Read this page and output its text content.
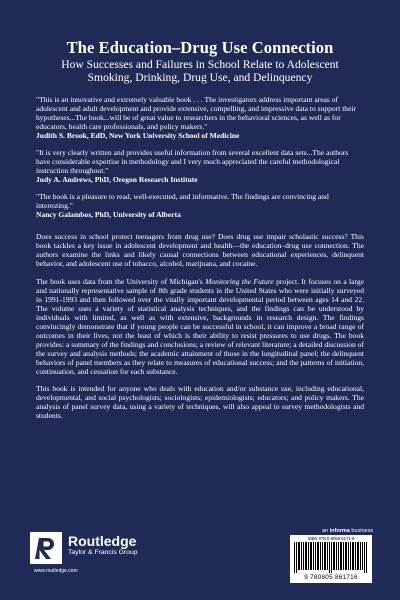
The Education–Drug Use Connection
How Successes and Failures in School Relate to Adolescent
Smoking, Drinking, Drug Use, and Delinquency
"This is an innovative and extremely valuable book . . . The investigators address important areas of adolescent and adult development and provide extensive, compelling, and impressive data to support their hypotheses...The book...will be of great value to researchers in the behavioral sciences, as well as for educators, health care professionals, and policy makers."
Judith S. Brook, EdD, New York University School of Medicine
"It is very clearly written and provides useful information from several excellent data sets...The authors have considerable expertise in methodology and I very much appreciated the careful methodological instruction throughout."
Judy A. Andrews, PhD, Oregon Research Institute
"The book is a pleasure to read, well-executed, and informative. The findings are convincing and interesting."
Nancy Galambos, PhD, University of Alberta

Does success in school protect teenagers from drug use? Does drug use impair scholastic success? This book tackles a key issue in adolescent development and health—the education–drug use connection. The authors examine the links and likely causal connections between educational experiences, delinquent behavior, and adolescent use of tobacco, alcohol, marijuana, and cocaine.

The book uses data from the University of Michigan's Monitoring the Future project. It focuses on a large and nationally representative sample of 8th grade students in the United States who were initially surveyed in 1991-1993 and then followed over the vitally important developmental period between ages 14 and 22. The volume uses a variety of statistical analysis techniques, and the findings can be understood by individuals with limited, as well as with extensive, backgrounds in research design. The findings convincingly demonstrate that if young people can be successful in school, it can improve a broad range of outcomes in their lives, not the least of which is their ability to resist pressures to use drugs. The book provides: a summary of the findings and conclusions; a review of relevant literature; a detailed discussion of the survey and analysis methods; the academic attainment of those in the longitudinal panel; the delinquent behaviors of panel members as they relate to measures of educational success; and the patterns of initiation, continuation, and cessation for each substance.

This book is intended for anyone who deals with education and/or substance use, including educational, developmental, and social psychologists; sociologists; epidemiologists; educators; and policy makers. The analysis of panel survey data, using a variety of techniques, will also appeal to survey methodologists and students.

an informa business
Routledge
Taylor & Francis Group
www.routledge.com
ISBN 978-0-8058-6171-6
9 780805 861716
